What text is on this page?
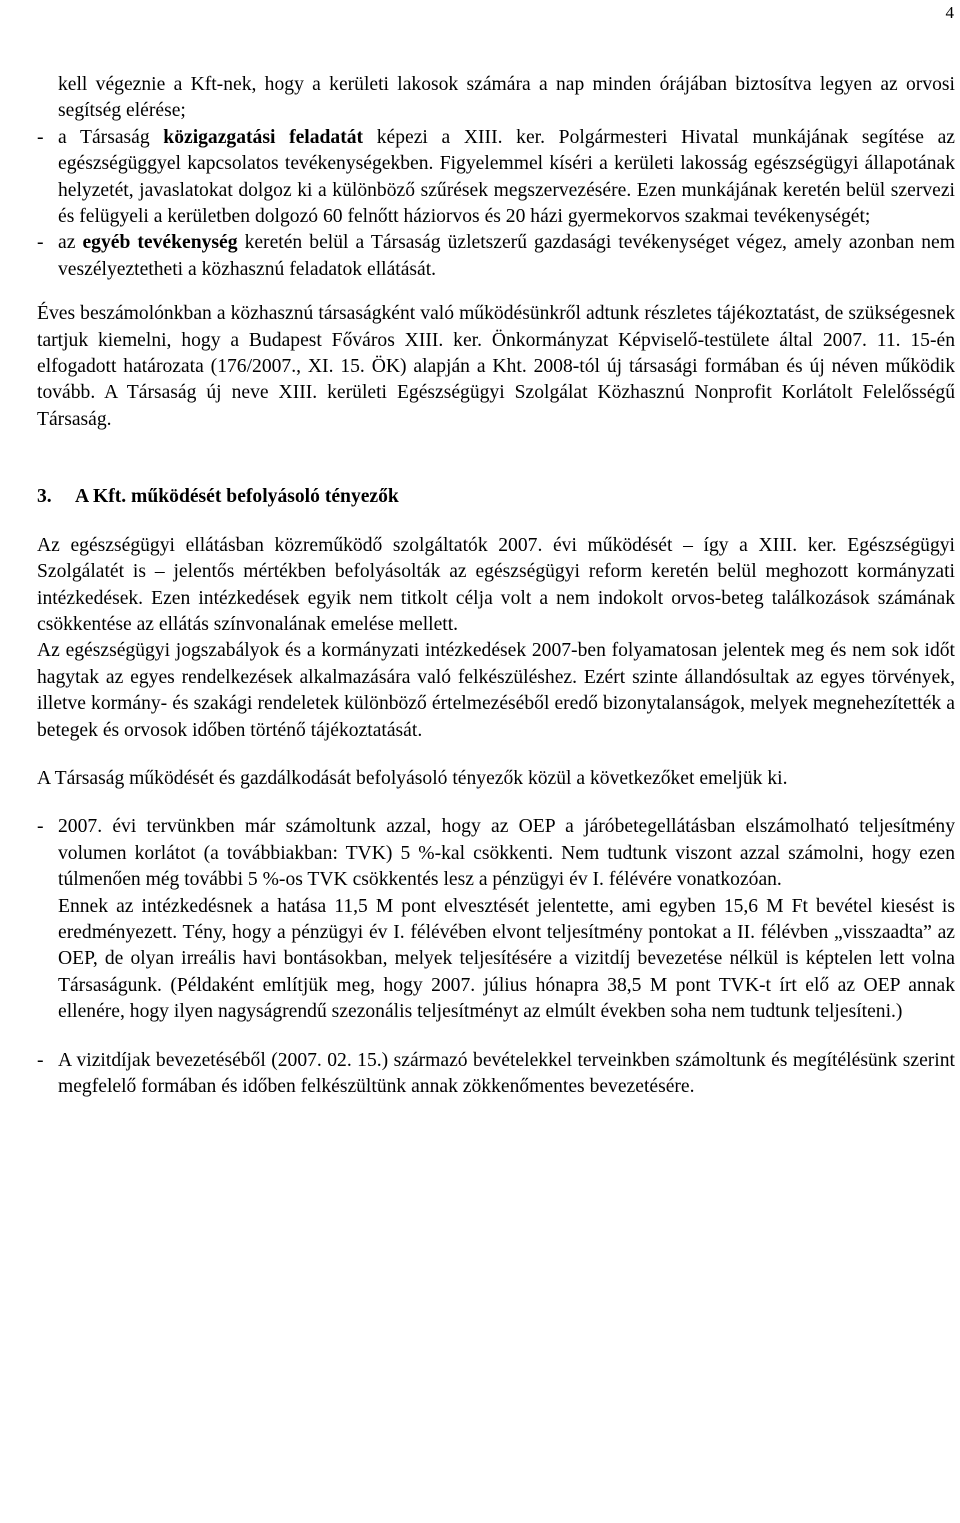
4

kell végeznie a Kft-nek, hogy a kerületi lakosok számára a nap minden órájában biztosítva legyen az orvosi segítség elérése;

- a Társaság közigazgatási feladatát képezi a XIII. ker. Polgármesteri Hivatal munkájának segítése az egészségüggyel kapcsolatos tevékenységekben. Figyelemmel kíséri a kerületi lakosság egészségügyi állapotának helyzetét, javaslatokat dolgoz ki a különböző szűrések megszervezésére. Ezen munkájának keretén belül szervezi és felügyeli a kerületben dolgozó 60 felnőtt háziorvos és 20 házi gyermekorvos szakmai tevékenységét;
- az egyéb tevékenység keretén belül a Társaság üzletszerű gazdasági tevékenységet végez, amely azonban nem veszélyeztetheti a közhasznú feladatok ellátását.

Éves beszámolónkban a közhasznú társaságként való működésünkről adtunk részletes tájékoztatást, de szükségesnek tartjuk kiemelni, hogy a Budapest Főváros XIII. ker. Önkormányzat Képviselő-testülete által 2007. 11. 15-én elfogadott határozata (176/2007., XI. 15. ÖK) alapján a Kht. 2008-tól új társasági formában és új néven működik tovább. A Társaság új neve XIII. kerületi Egészségügyi Szolgálat Közhasznú Nonprofit Korlátolt Felelősségű Társaság.

3.	A Kft. működését befolyásoló tényezők

Az egészségügyi ellátásban közreműködő szolgáltatók 2007. évi működését – így a XIII. ker. Egészségügyi Szolgálatét is – jelentős mértékben befolyásolták az egészségügyi reform keretén belül meghozott kormányzati intézkedések. Ezen intézkedések egyik nem titkolt célja volt a nem indokolt orvos-beteg találkozások számának csökkentése az ellátás színvonalának emelése mellett.

Az egészségügyi jogszabályok és a kormányzati intézkedések 2007-ben folyamatosan jelentek meg és nem sok időt hagytak az egyes rendelkezések alkalmazására való felkészüléshez. Ezért szinte állandósultak az egyes törvények, illetve kormány- és szakági rendeletek különböző értelmezéséből eredő bizonytalanságok, melyek megnehezítették a betegek és orvosok időben történő tájékoztatását.

A Társaság működését és gazdálkodását befolyásoló tényezők közül a következőket emeljük ki.

- 2007. évi tervünkben már számoltunk azzal, hogy az OEP a járóbetegellátásban elszámolható teljesítmény volumen korlátot (a továbbiakban: TVK) 5 %-kal csökkenti. Nem tudtunk viszont azzal számolni, hogy ezen túlmenően még további 5 %-os TVK csökkentés lesz a pénzügyi év I. félévére vonatkozóan.
Ennek az intézkedésnek a hatása 11,5 M pont elvesztését jelentette, ami egyben 15,6 M Ft bevétel kiesést is eredményezett. Tény, hogy a pénzügyi év I. félévében elvont teljesítmény pontokat a II. félévben „visszaadta” az OEP, de olyan irreális havi bontásokban, melyek teljesítésére a vizitdíj bevezetése nélkül is képtelen lett volna Társaságunk. (Példaként említjük meg, hogy 2007. július hónapra 38,5 M pont TVK-t írt elő az OEP annak ellenére, hogy ilyen nagyságrendű szezonális teljesítményt az elmúlt években soha nem tudtunk teljesíteni.)
- A vizitdíjak bevezetéséből (2007. 02. 15.) származó bevételekkel terveinkben számoltunk és megítélésünk szerint megfelelő formában és időben felkészültünk annak zökkenőmentes bevezetésére.
